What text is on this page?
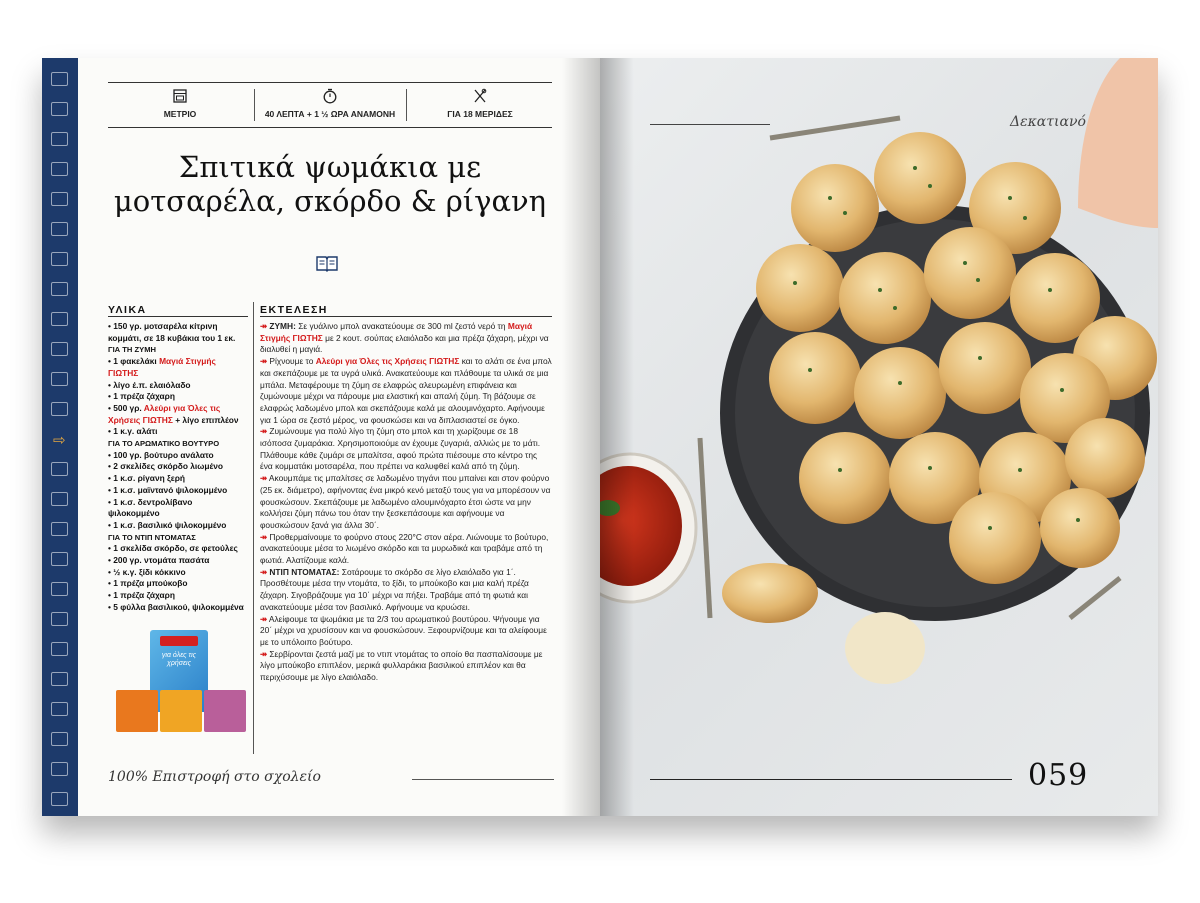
⇨
ΜΕΤΡΙΟ	40 ΛΕΠΤΑ + 1 ½ ΩΡΑ ΑΝΑΜΟΝΗ	ΓΙΑ 18 ΜΕΡΙΔΕΣ
Σπιτικά ψωμάκια με
μοτσαρέλα, σκόρδο & ρίγανη
ΥΛΙΚΑ	ΕΚΤΕΛΕΣΗ
• 150 γρ. μοτσαρέλα κίτρινη
κομμάτι, σε 18 κυβάκια του 1 εκ.
ΓΙΑ ΤΗ ΖΥΜΗ
• 1 φακελάκι Μαγιά Στιγμής
ΓΙΩΤΗΣ
• λίγο έ.π. ελαιόλαδο
• 1 πρέζα ζάχαρη
• 500 γρ. Αλεύρι για Όλες τις
Χρήσεις ΓΙΩΤΗΣ + λίγο επιπλέον
• 1 κ.γ. αλάτι
ΓΙΑ ΤΟ ΑΡΩΜΑΤΙΚΟ ΒΟΥΤΥΡΟ
• 100 γρ. βούτυρο ανάλατο
• 2 σκελίδες σκόρδο λιωμένο
• 1 κ.σ. ρίγανη ξερή
• 1 κ.σ. μαϊντανό ψιλοκομμένο
• 1 κ.σ. δεντρολίβανο
ψιλοκομμένο
• 1 κ.σ. βασιλικό ψιλοκομμένο
ΓΙΑ ΤΟ ΝΤΙΠ ΝΤΟΜΑΤΑΣ
• 1 σκελίδα σκόρδο, σε φετούλες
• 200 γρ. ντομάτα πασάτα
• ½ κ.γ. ξίδι κόκκινο
• 1 πρέζα μπούκοβο
• 1 πρέζα ζάχαρη
• 5 φύλλα βασιλικού, ψιλοκομμένα
για όλες τις χρήσεις

↠ ΖΥΜΗ: Σε γυάλινο μπολ ανακατεύουμε σε 300 ml ζεστό νερό τη Μαγιά Στιγμής ΓΙΩΤΗΣ με 2 κουτ. σούπας ελαιόλαδο και μια πρέζα ζάχαρη, μέχρι να διαλυθεί η μαγιά.

↠ Ρίχνουμε το Αλεύρι για Όλες τις Χρήσεις ΓΙΩΤΗΣ και το αλάτι σε ένα μπολ και σκεπάζουμε με τα υγρά υλικά. Ανακατεύουμε και πλάθουμε τα υλικά σε μια μπάλα. Μεταφέρουμε τη ζύμη σε ελαφρώς αλευρωμένη επιφάνεια και ζυμώνουμε μέχρι να πάρουμε μια ελαστική και απαλή ζύμη. Τη βάζουμε σε ελαφρώς λαδωμένο μπολ και σκεπάζουμε καλά με αλουμινόχαρτο. Αφήνουμε για 1 ώρα σε ζεστό μέρος, να φουσκώσει και να διπλασιαστεί σε όγκο.

↠ Ζυμώνουμε για πολύ λίγο τη ζύμη στο μπολ και τη χωρίζουμε σε 18 ισόποσα ζυμαράκια. Χρησιμοποιούμε αν έχουμε ζυγαριά, αλλιώς με το μάτι. Πλάθουμε κάθε ζυμάρι σε μπαλίτσα, αφού πρώτα πιέσουμε στο κέντρο της ένα κομματάκι μοτσαρέλα, που πρέπει να καλυφθεί καλά από τη ζύμη.

↠ Ακουμπάμε τις μπαλίτσες σε λαδωμένο τηγάνι που μπαίνει και στον φούρνο (25 εκ. διάμετρο), αφήνοντας ένα μικρό κενό μεταξύ τους για να μπορέσουν να φουσκώσουν. Σκεπάζουμε με λαδωμένο αλουμινόχαρτο έτσι ώστε να μην κολλήσει ζύμη πάνω του όταν την ξεσκεπάσουμε και αφήνουμε να φουσκώσουν ξανά για άλλα 30΄.

↠ Προθερμαίνουμε το φούρνο στους 220°C στον αέρα. Λιώνουμε το βούτυρο, ανακατεύουμε μέσα το λιωμένο σκόρδο και τα μυρωδικά και τραβάμε από τη φωτιά. Αλατίζουμε καλά.

↠ ΝΤΙΠ ΝΤΟΜΑΤΑΣ: Σοτάρουμε το σκόρδο σε λίγο ελαιόλαδο για 1΄. Προσθέτουμε μέσα την ντομάτα, το ξίδι, το μπούκοβο και μια καλή πρέζα ζάχαρη. Σιγοβράζουμε για 10΄ μέχρι να πήξει. Τραβάμε από τη φωτιά και ανακατεύουμε μέσα τον βασιλικό. Αφήνουμε να κρυώσει.

↠ Αλείφουμε τα ψωμάκια με τα 2/3 του αρωματικού βουτύρου. Ψήνουμε για 20΄ μέχρι να χρυσίσουν και να φουσκώσουν. Ξεφουρνίζουμε και τα αλείφουμε με το υπόλοιπο βούτυρο.

↠ Σερβίρονται ζεστά μαζί με το ντιπ ντομάτας το οποίο θα πασπαλίσουμε με λίγο μπούκοβο επιπλέον, μερικά φυλλαράκια βασιλικού επιπλέον και θα περιχύσουμε με λίγο ελαιόλαδο.

100% Επιστροφή στο σχολείο
Δεκατιανό
059
